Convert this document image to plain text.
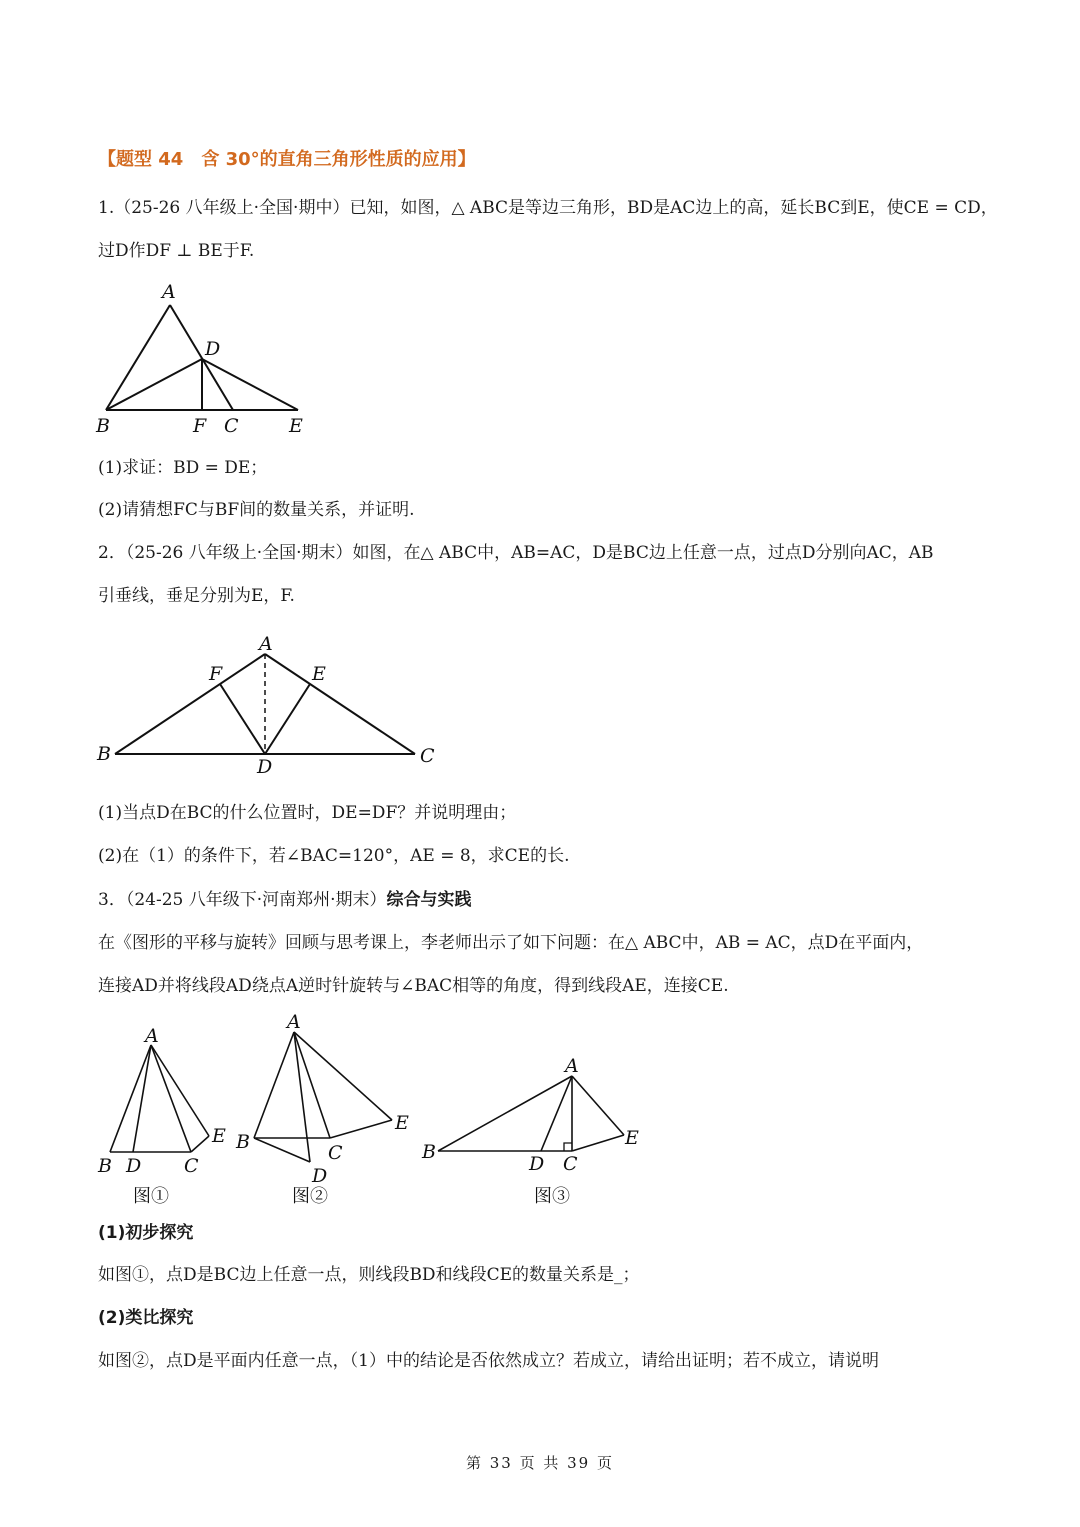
【题型 44　含 30°的直角三角形性质的应用】
1.（25-26 八年级上·全国·期中）已知，如图，△ ABC是等边三角形，BD是AC边上的高，延长BC到E，使CE = CD，
过D作DF ⊥ BE于F.
A
D
B	F C	E
(1)求证：BD = DE；
(2)请猜想FC与BF间的数量关系，并证明.
2．（25-26 八年级上·全国·期末）如图，在△ ABC中，AB=AC，D是BC边上任意一点，过点D分别向AC，AB
引垂线，垂足分别为E，F.
A
F	E
B
D	C
(1)当点D在BC的什么位置时，DE=DF？并说明理由；
(2)在（1）的条件下，若∠BAC=120°，AE = 8，求CE的长.
3．（24-25 八年级下·河南郑州·期末）综合与实践
在《图形的平移与旋转》回顾与思考课上，李老师出示了如下问题：在△ ABC中，AB = AC，点D在平面内，
连接AD并将线段AD绕点A逆时针旋转与∠BAC相等的角度，得到线段AE，连接CE.
A
B D C
E
图①
A
B	C
D
E
图②
A
B
D C
E
图③
(1)初步探究
如图①，点D是BC边上任意一点，则线段BD和线段CE的数量关系是_；
(2)类比探究
如图②，点D是平面内任意一点，（1）中的结论是否依然成立？若成立，请给出证明；若不成立，请说明
第 33 页 共 39 页
